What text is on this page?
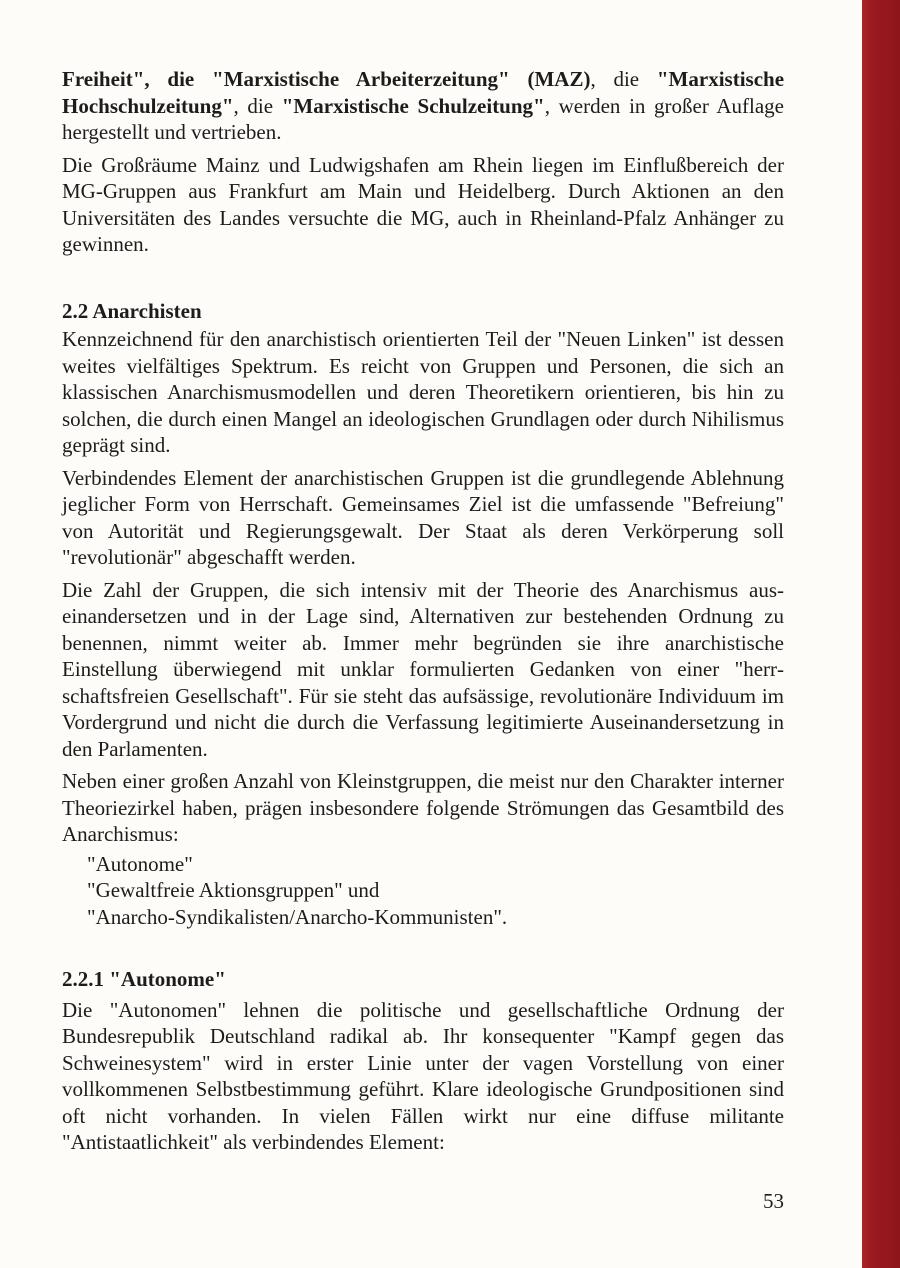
Freiheit", die "Marxistische Arbeiterzeitung" (MAZ), die "Marxistische Hochschulzeitung", die "Marxistische Schulzeitung", werden in großer Auflage hergestellt und vertrieben.

Die Großräume Mainz und Ludwigshafen am Rhein liegen im Einflußbereich der MG-Gruppen aus Frankfurt am Main und Heidelberg. Durch Aktionen an den Universitäten des Landes versuchte die MG, auch in Rheinland-Pfalz Anhänger zu gewinnen.

2.2 Anarchisten

Kennzeichnend für den anarchistisch orientierten Teil der "Neuen Linken" ist dessen weites vielfältiges Spektrum. Es reicht von Gruppen und Personen, die sich an klassischen Anarchismusmodellen und deren Theoretikern orientieren, bis hin zu solchen, die durch einen Mangel an ideologischen Grundlagen oder durch Nihilismus geprägt sind.

Verbindendes Element der anarchistischen Gruppen ist die grundlegende Ablehnung jeglicher Form von Herrschaft. Gemeinsames Ziel ist die umfassende "Befreiung" von Autorität und Regierungsgewalt. Der Staat als deren Verkörperung soll "revolutionär" abgeschafft werden.

Die Zahl der Gruppen, die sich intensiv mit der Theorie des Anarchismus auseinandersetzen und in der Lage sind, Alternativen zur bestehenden Ordnung zu benennen, nimmt weiter ab. Immer mehr begründen sie ihre anarchistische Einstellung überwiegend mit unklar formulierten Gedanken von einer "herrschaftsfreien Gesellschaft". Für sie steht das aufsässige, revolutionäre Individuum im Vordergrund und nicht die durch die Verfassung legitimierte Auseinandersetzung in den Parlamenten.

Neben einer großen Anzahl von Kleinstgruppen, die meist nur den Charakter interner Theoriezirkel haben, prägen insbesondere folgende Strömungen das Gesamtbild des Anarchismus:

"Autonome"
"Gewaltfreie Aktionsgruppen" und
"Anarcho-Syndikalisten/Anarcho-Kommunisten".
2.2.1 "Autonome"

Die "Autonomen" lehnen die politische und gesellschaftliche Ordnung der Bundesrepublik Deutschland radikal ab. Ihr konsequenter "Kampf gegen das Schweinesystem" wird in erster Linie unter der vagen Vorstellung von einer vollkommenen Selbstbestimmung geführt. Klare ideologische Grundpositionen sind oft nicht vorhanden. In vielen Fällen wirkt nur eine diffuse militante "Antistaatlichkeit" als verbindendes Element:

53
